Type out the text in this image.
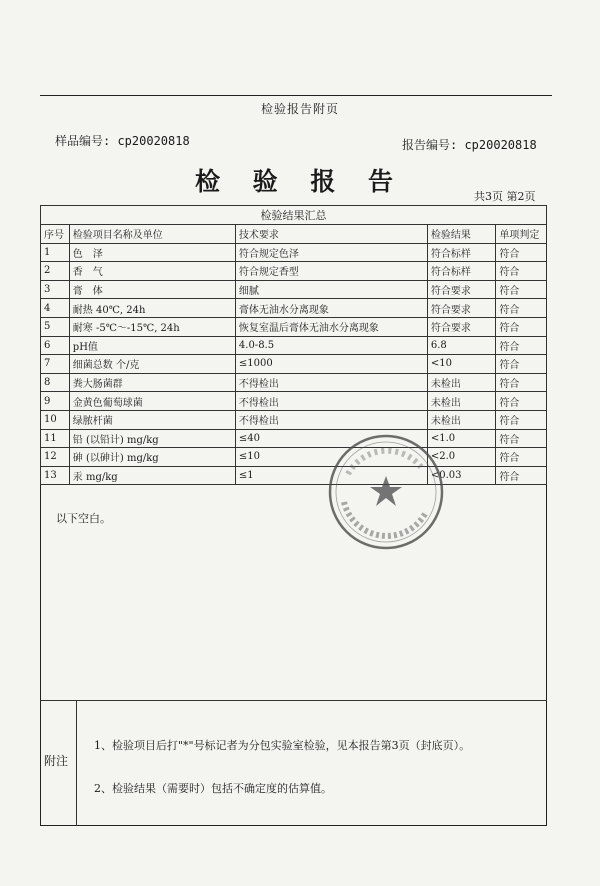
检验报告附页
样品编号: cp20020818	报告编号: cp20020818
检 验 报 告
共3页 第2页
检验结果汇总				
序号	检验项目名称及单位	技术要求	检验结果	单项判定
1	色　泽	符合规定色泽	符合标样	符合
2	香　气	符合规定香型	符合标样	符合
3	膏　体	细腻	符合要求	符合
4	耐热 40℃, 24h	膏体无油水分离现象	符合要求	符合
5	耐寒 -5℃～-15℃, 24h	恢复室温后膏体无油水分离现象	符合要求	符合
6	pH值	4.0-8.5	6.8	符合
7	细菌总数 个/克	≤1000	<10	符合
8	粪大肠菌群	不得检出	未检出	符合
9	金黄色葡萄球菌	不得检出	未检出	符合
10	绿脓杆菌	不得检出	未检出	符合
11	铅 (以铅计) mg/kg	≤40	<1.0	符合
12	砷 (以砷计) mg/kg	≤10	<2.0	符合
13	汞 mg/kg	≤1	<0.03	符合
以下空白。
附注
1、检验项目后打"*"号标记者为分包实验室检验，见本报告第3页（封底页）。
2、检验结果（需要时）包括不确定度的估算值。
